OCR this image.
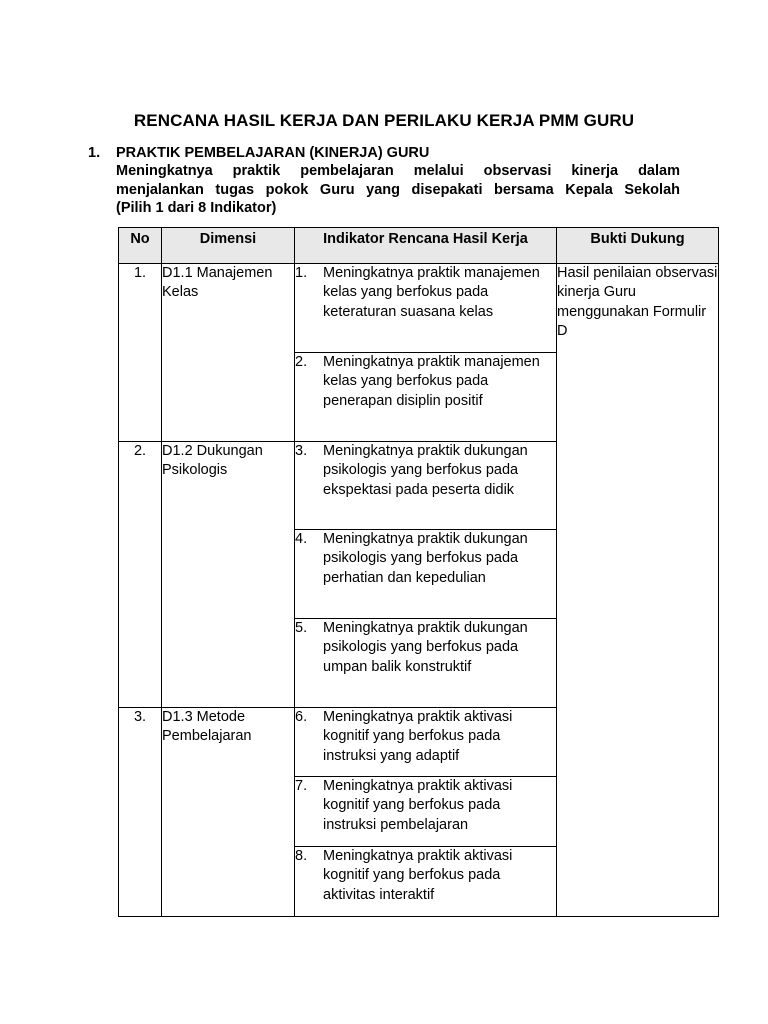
RENCANA HASIL KERJA DAN PERILAKU KERJA PMM GURU
1.	PRAKTIK PEMBELAJARAN (KINERJA) GURU
Meningkatnya praktik pembelajaran melalui observasi kinerja dalam
menjalankan tugas pokok Guru yang disepakati bersama Kepala Sekolah
(Pilih 1 dari 8 Indikator)
No	Dimensi	Indikator Rencana Hasil Kerja	Bukti Dukung
1.	D1.1 Manajemen Kelas	1. Meningkatnya praktik manajemen kelas yang berfokus pada keteraturan suasana kelas	Hasil penilaian observasi kinerja Guru menggunakan Formulir D

		2. Meningkatnya praktik manajemen kelas yang berfokus pada penerapan disiplin positif	

2.	D1.2 Dukungan Psikologis	3. Meningkatnya praktik dukungan psikologis yang berfokus pada ekspektasi pada peserta didik	

		4. Meningkatnya praktik dukungan psikologis yang berfokus pada perhatian dan kepedulian	

		5. Meningkatnya praktik dukungan psikologis yang berfokus pada umpan balik konstruktif	

3.	D1.3 Metode Pembelajaran	6. Meningkatnya praktik aktivasi kognitif yang berfokus pada instruksi yang adaptif	

		7. Meningkatnya praktik aktivasi kognitif yang berfokus pada instruksi pembelajaran	

		8. Meningkatnya praktik aktivasi kognitif yang berfokus pada aktivitas interaktif	
